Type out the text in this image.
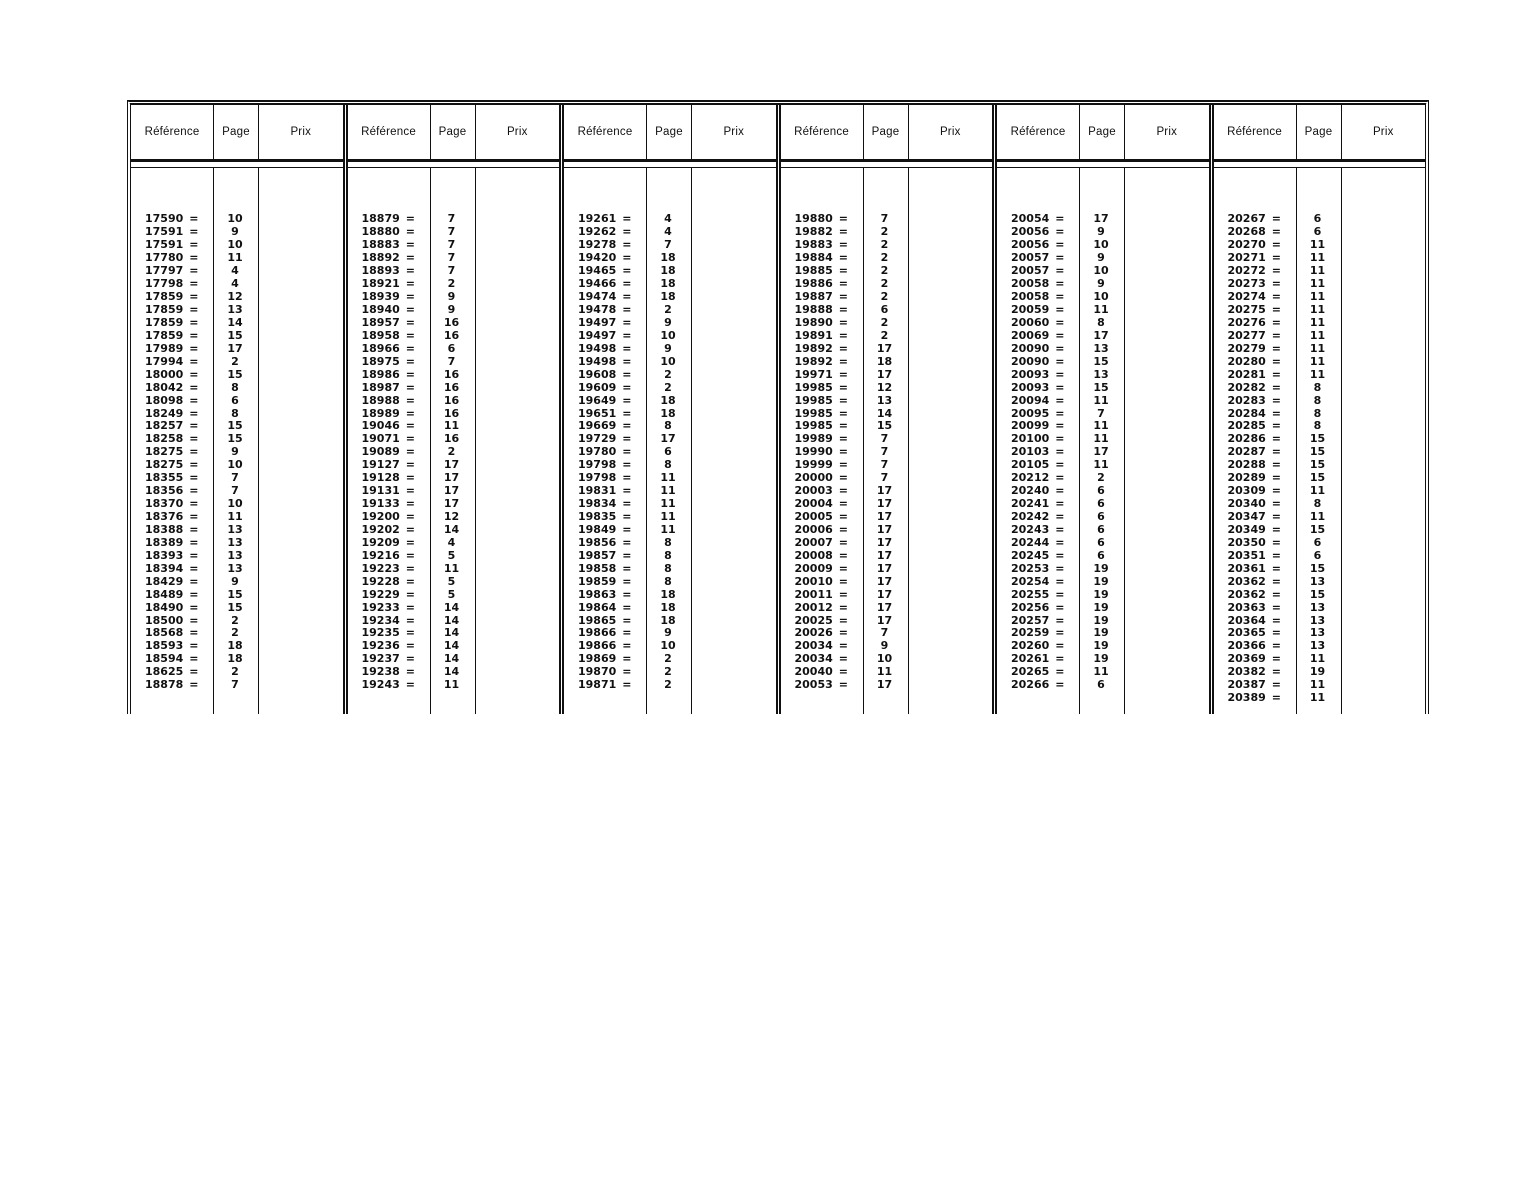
Référence	Page	Prix
17590 =	10
17591 =	9
17591 =	10
17780 =	11
17797 =	4
17798 =	4
17859 =	12
17859 =	13
17859 =	14
17859 =	15
17989 =	17
17994 =	2
18000 =	15
18042 =	8
18098 =	6
18249 =	8
18257 =	15
18258 =	15
18275 =	9
18275 =	10
18355 =	7
18356 =	7
18370 =	10
18376 =	11
18388 =	13
18389 =	13
18393 =	13
18394 =	13
18429 =	9
18489 =	15
18490 =	15
18500 =	2
18568 =	2
18593 =	18
18594 =	18
18625 =	2
18878 =	7
Référence	Page	Prix
18879 =	7
18880 =	7
18883 =	7
18892 =	7
18893 =	7
18921 =	2
18939 =	9
18940 =	9
18957 =	16
18958 =	16
18966 =	6
18975 =	7
18986 =	16
18987 =	16
18988 =	16
18989 =	16
19046 =	11
19071 =	16
19089 =	2
19127 =	17
19128 =	17
19131 =	17
19133 =	17
19200 =	12
19202 =	14
19209 =	4
19216 =	5
19223 =	11
19228 =	5
19229 =	5
19233 =	14
19234 =	14
19235 =	14
19236 =	14
19237 =	14
19238 =	14
19243 =	11
Référence	Page	Prix
19261 =	4
19262 =	4
19278 =	7
19420 =	18
19465 =	18
19466 =	18
19474 =	18
19478 =	2
19497 =	9
19497 =	10
19498 =	9
19498 =	10
19608 =	2
19609 =	2
19649 =	18
19651 =	18
19669 =	8
19729 =	17
19780 =	6
19798 =	8
19798 =	11
19831 =	11
19834 =	11
19835 =	11
19849 =	11
19856 =	8
19857 =	8
19858 =	8
19859 =	8
19863 =	18
19864 =	18
19865 =	18
19866 =	9
19866 =	10
19869 =	2
19870 =	2
19871 =	2
Référence	Page	Prix
19880 =	7
19882 =	2
19883 =	2
19884 =	2
19885 =	2
19886 =	2
19887 =	2
19888 =	6
19890 =	2
19891 =	2
19892 =	17
19892 =	18
19971 =	17
19985 =	12
19985 =	13
19985 =	14
19985 =	15
19989 =	7
19990 =	7
19999 =	7
20000 =	7
20003 =	17
20004 =	17
20005 =	17
20006 =	17
20007 =	17
20008 =	17
20009 =	17
20010 =	17
20011 =	17
20012 =	17
20025 =	17
20026 =	7
20034 =	9
20034 =	10
20040 =	11
20053 =	17
Référence	Page	Prix
20054 =	17
20056 =	9
20056 =	10
20057 =	9
20057 =	10
20058 =	9
20058 =	10
20059 =	11
20060 =	8
20069 =	17
20090 =	13
20090 =	15
20093 =	13
20093 =	15
20094 =	11
20095 =	7
20099 =	11
20100 =	11
20103 =	17
20105 =	11
20212 =	2
20240 =	6
20241 =	6
20242 =	6
20243 =	6
20244 =	6
20245 =	6
20253 =	19
20254 =	19
20255 =	19
20256 =	19
20257 =	19
20259 =	19
20260 =	19
20261 =	19
20265 =	11
20266 =	6
Référence	Page	Prix
20267 =	6
20268 =	6
20270 =	11
20271 =	11
20272 =	11
20273 =	11
20274 =	11
20275 =	11
20276 =	11
20277 =	11
20279 =	11
20280 =	11
20281 =	11
20282 =	8
20283 =	8
20284 =	8
20285 =	8
20286 =	15
20287 =	15
20288 =	15
20289 =	15
20309 =	11
20340 =	8
20347 =	11
20349 =	15
20350 =	6
20351 =	6
20361 =	15
20362 =	13
20362 =	15
20363 =	13
20364 =	13
20365 =	13
20366 =	13
20369 =	11
20382 =	19
20387 =	11
20389 =	11
